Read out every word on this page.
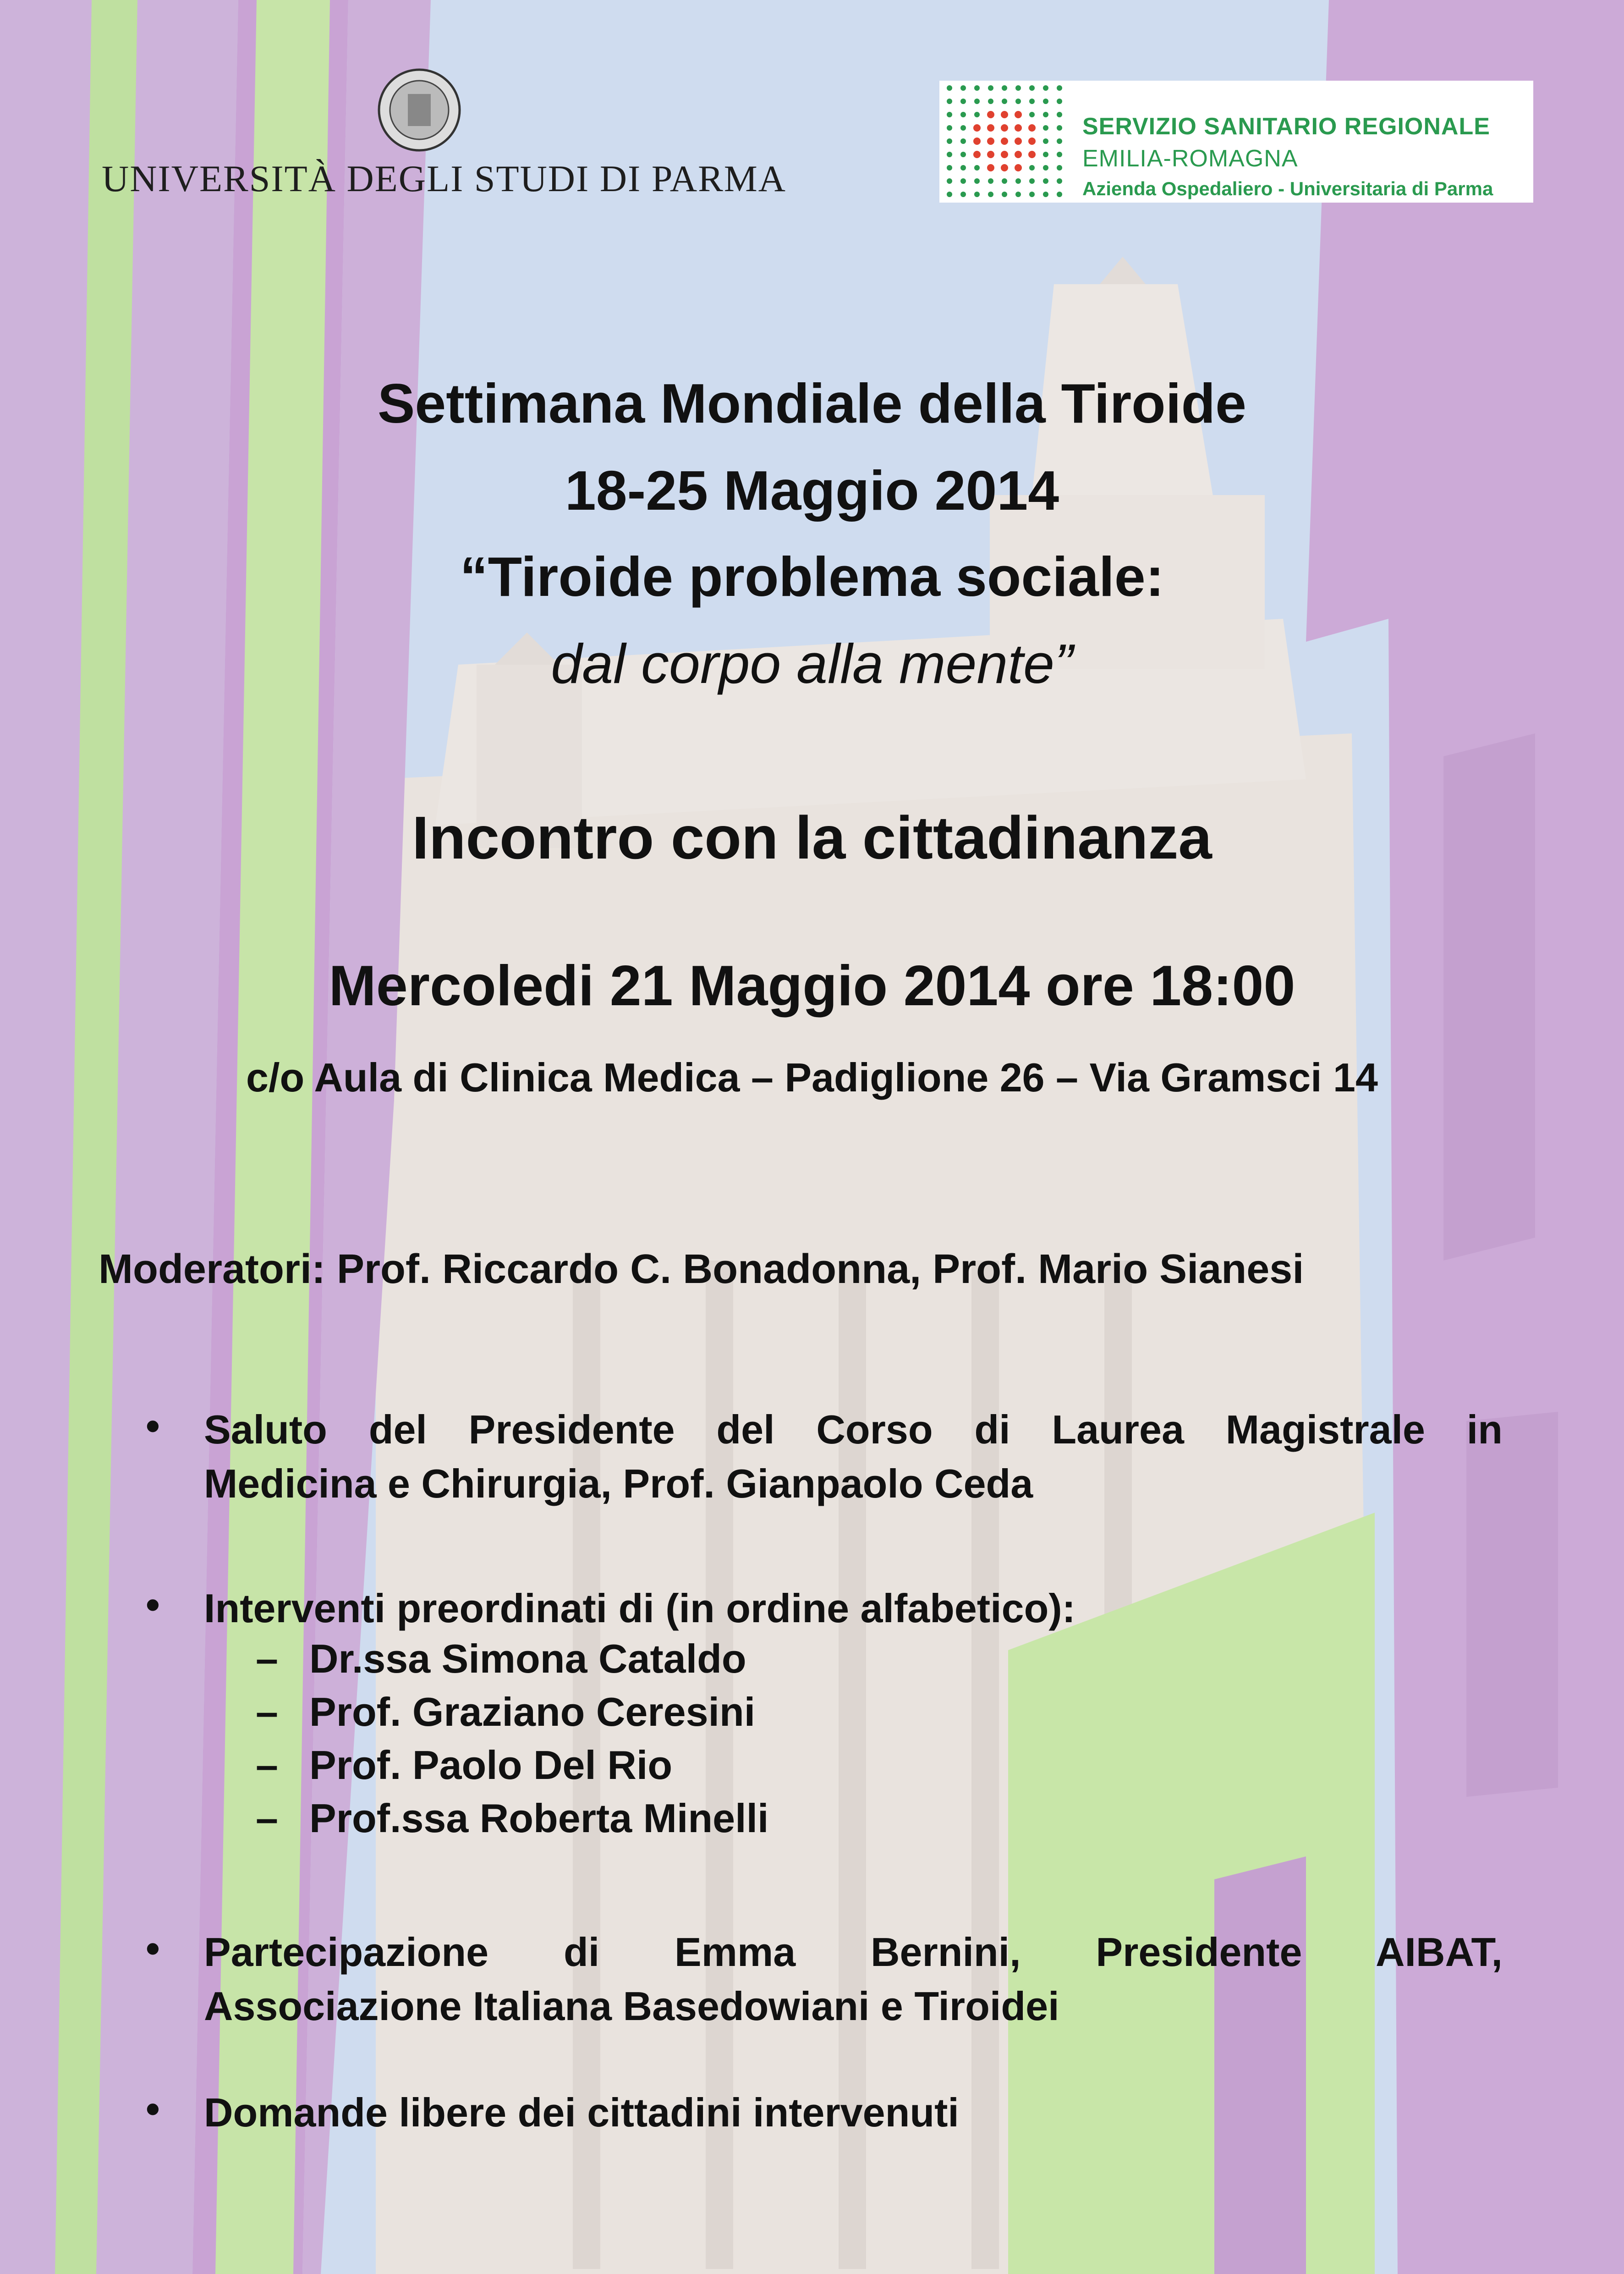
UNIVERSITÀ DEGLI STUDI DI PARMA
SERVIZIO SANITARIO REGIONALE
EMILIA-ROMAGNA
Azienda Ospedaliero - Universitaria di Parma
Settimana Mondiale della Tiroide
18-25 Maggio 2014
“Tiroide problema sociale:
dal corpo alla mente”
Incontro con la cittadinanza
Mercoledi 21 Maggio 2014 ore 18:00
c/o Aula di Clinica Medica – Padiglione 26 – Via Gramsci 14
Moderatori: Prof. Riccardo C. Bonadonna, Prof. Mario Sianesi
• Saluto del Presidente del Corso di Laurea Magistrale in
Medicina e Chirurgia, Prof. Gianpaolo Ceda
• Interventi preordinati di (in ordine alfabetico):
– Dr.ssa Simona Cataldo
– Prof. Graziano Ceresini
– Prof. Paolo Del Rio
– Prof.ssa Roberta Minelli
• Partecipazione di Emma Bernini, Presidente AIBAT,
Associazione Italiana Basedowiani e Tiroidei
• Domande libere dei cittadini intervenuti
